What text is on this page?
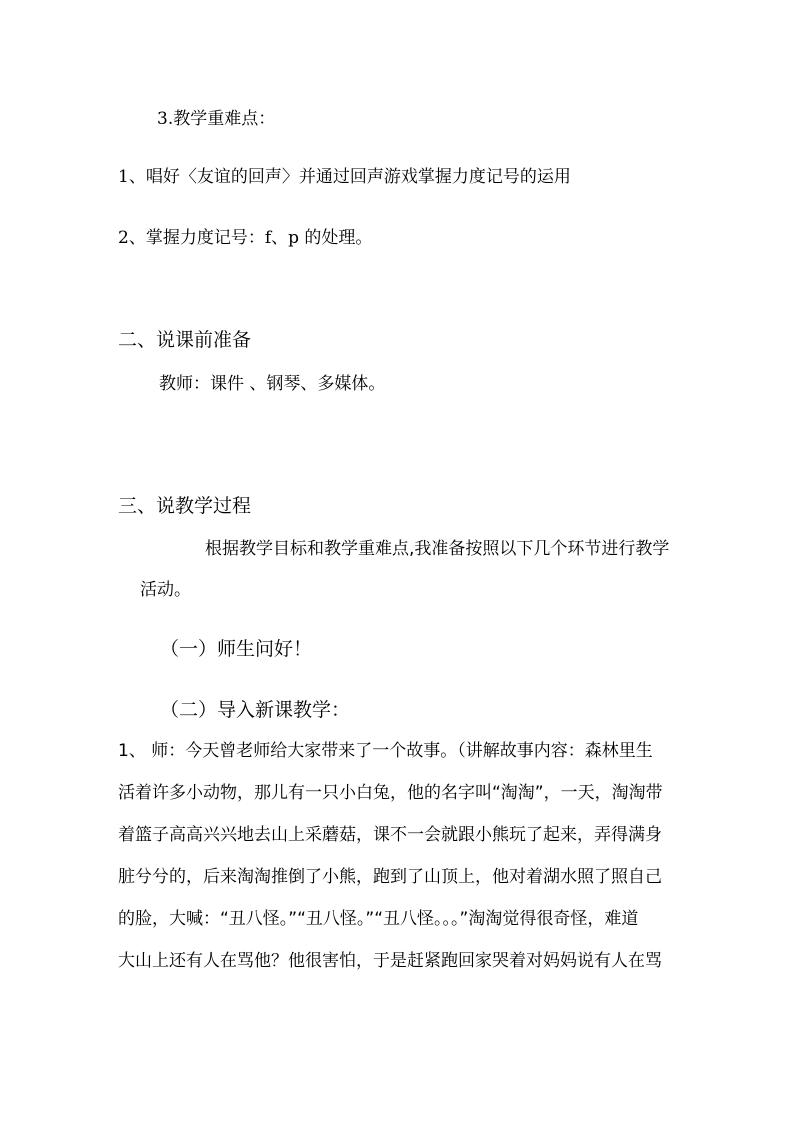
3.教学重难点：
1、唱好〈友谊的回声〉并通过回声游戏掌握力度记号的运用
2、掌握力度记号：f、p 的处理。
二、说课前准备
教师：课件 、钢琴、多媒体。
三、说教学过程
根据教学目标和教学重难点,我准备按照以下几个环节进行教学
活动。
（一）师生问好！
（二）导入新课教学：
1、 师：今天曾老师给大家带来了一个故事。（讲解故事内容：森林里生
活着许多小动物，那儿有一只小白兔，他的名字叫“淘淘”，一天，淘淘带
着篮子高高兴兴地去山上采蘑菇，课不一会就跟小熊玩了起来，弄得满身
脏兮兮的，后来淘淘推倒了小熊，跑到了山顶上，他对着湖水照了照自己
的脸，大喊：“丑八怪。”“丑八怪。”“丑八怪。。。”淘淘觉得很奇怪，难道
大山上还有人在骂他？他很害怕，于是赶紧跑回家哭着对妈妈说有人在骂
